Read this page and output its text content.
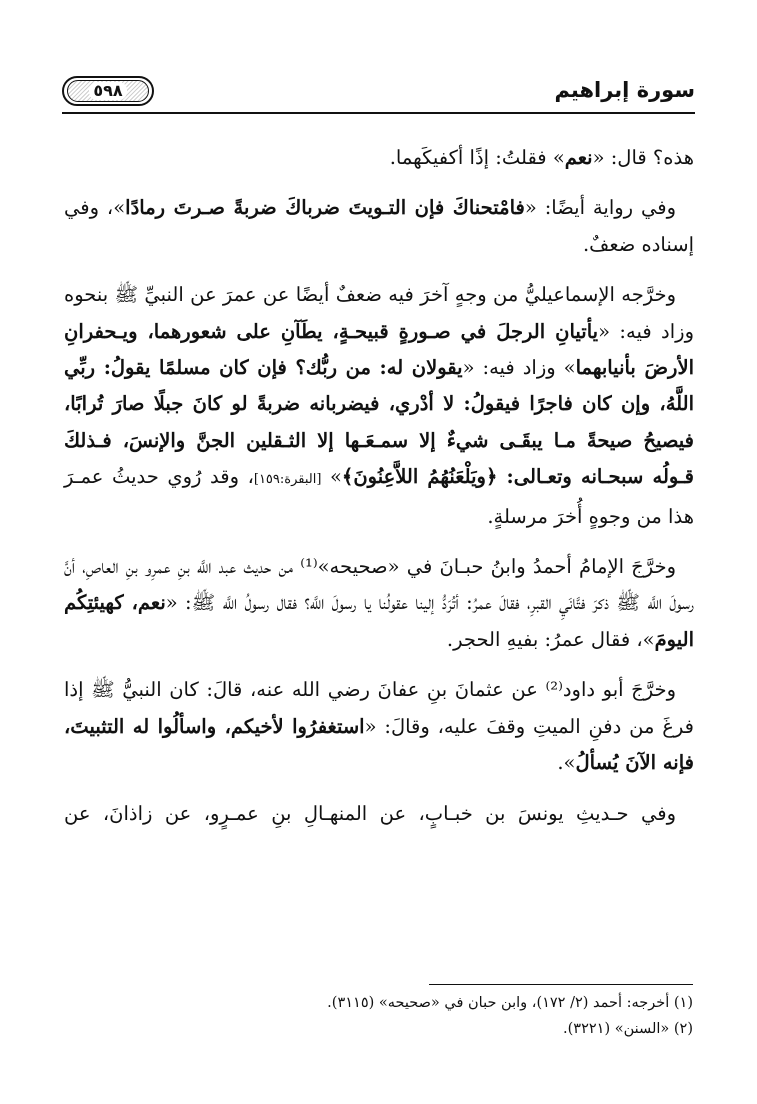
سورة إبراهيم
٥٩٨

هذه؟ قال: «نعم» فقلتُ: إذًا أكفيكَهما.

وفي رواية أيضًا: «فامْتحناكَ فإن التـويتَ ضرباكَ ضربةً صـرتَ رمادًا»، وفي إسناده ضعفٌ.

وخرَّجه الإسماعيليُّ من وجهٍ آخرَ فيه ضعفٌ أيضًا عن عمرَ عن النبيِّ ﷺ بنحوه وزاد فيه: «يأتيانِ الرجلَ في صـورةٍ قبيحـةٍ، يطَآنِ على شعورهما، ويـحفرانِ الأرضَ بأنيابهما» وزاد فيه: «يقولان له: من ربُّك؟ فإن كان مسلمًا يقولُ: ربِّي اللَّهُ، وإن كان فاجرًا فيقولُ: لا أدْري، فيضربانه ضربةً لو كانَ جبلًا صارَ تُرابًا، فيصيحُ صيحةً مـا يبقَـى شيءٌ إلا سمـعَـها إلا الثـقلين الجنَّ والإنسَ، فـذلكَ قـولُه سبحـانه وتعـالى: ﴿ويَلْعَنُهُمُ اللاَّعِنُونَ﴾» [البقرة:١٥٩]، وقد رُوي حديثُ عمـرَ هذا من وجوهٍ أُخرَ مرسلةٍ.

وخرَّجَ الإمامُ أحمدُ وابنُ حبـانَ في «صحيحه»⁽¹⁾ من حديث عبد اللَّه بنِ عمرِو بنِ العاصِ، أنَّ رسولَ اللَّه ﷺ ذكرَ فتَّانَيِ القبرِ، فقالَ عمرُ: أتُرَدُّ إلينا عقولُنا يا رسولَ اللَّه؟ فقال رسولُ اللَّه ﷺ: «نعم، كهيئتِكُم اليومَ»، فقال عمرُ: بفيهِ الحجر.

وخرَّجَ أبو داود⁽²⁾ عن عثمانَ بنِ عفانَ رضي الله عنه، قالَ: كان النبيُّ ﷺ إذا فرغَ من دفنِ الميتِ وقفَ عليه، وقالَ: «استغفرُوا لأخيكم، واسألُوا له التثبيتَ، فإنه الآنَ يُسألُ».

وفي حـديثِ يونسَ بن خبـابٍ، عن المنهـالِ بنِ عمـرٍو، عن زاذانَ، عن

(١) أخرجه: أحمد (٢/ ١٧٢)، وابن حبان في «صحيحه» (٣١١٥).

(٢) «السنن» (٣٢٢١).
